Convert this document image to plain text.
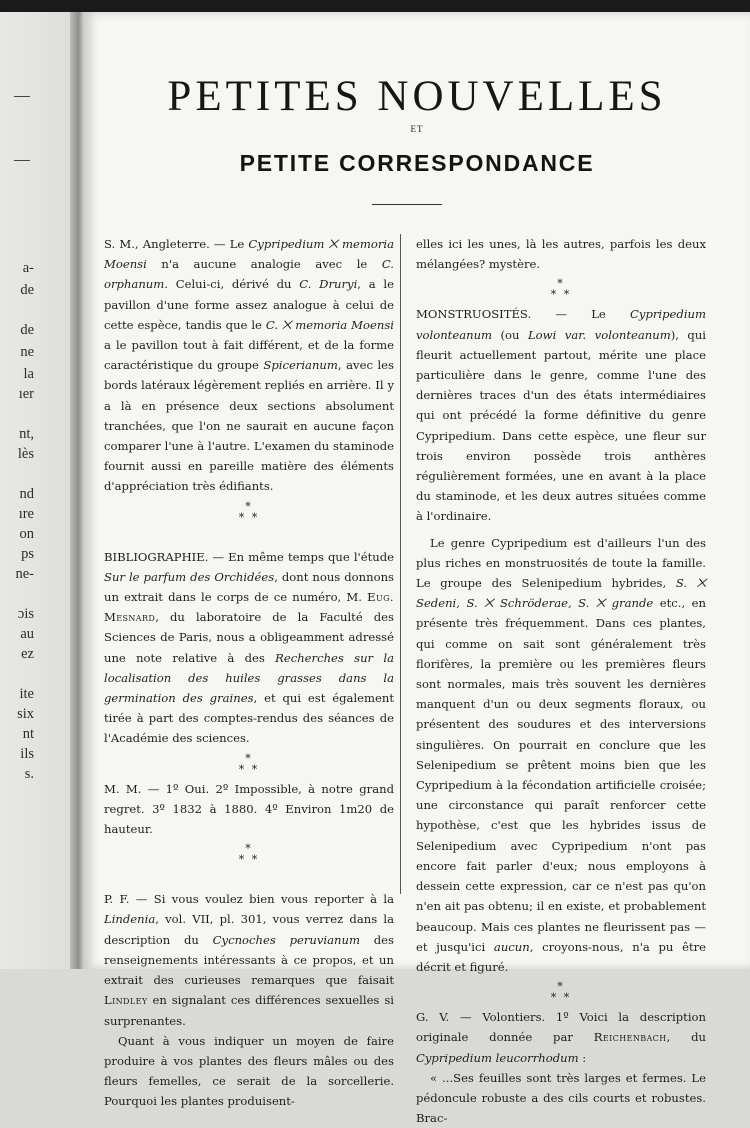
a-
de
de
ne
la
ıer
nt,
lès
nd
ıre
on
ps
ne-
ɔis
au
ez
ite
six
nt
ils
s.
PETITES NOUVELLES
ET
PETITE CORRESPONDANCE

S. M., Angleterre. — Le Cypripedium ⨉ memoria Moensi n'a aucune analogie avec le C. orphanum. Celui-ci, dérivé du C. Druryi, a le pavillon d'une forme assez analogue à celui de cette espèce, tandis que le C. ⨉ memoria Moensi a le pavillon tout à fait différent, et de la forme caractéristique du groupe Spicerianum, avec les bords latéraux légèrement repliés en arrière. Il y a là en présence deux sections absolument tranchées, que l'on ne saurait en aucune façon comparer l'une à l'autre. L'examen du staminode fournit aussi en pareille matière des éléments d'appréciation très édifiants.

*
* *

BIBLIOGRAPHIE. — En même temps que l'étude Sur le parfum des Orchidées, dont nous donnons un extrait dans le corps de ce numéro, M. Eug. Mesnard, du laboratoire de la Faculté des Sciences de Paris, nous a obligeamment adressé une note relative à des Recherches sur la localisation des huiles grasses dans la germination des graines, et qui est également tirée à part des comptes-rendus des séances de l'Académie des sciences.

*
* *

M. M. — 1º Oui. 2º Impossible, à notre grand regret. 3º 1832 à 1880. 4º Environ 1m20 de hauteur.

*
* *

P. F. — Si vous voulez bien vous reporter à la Lindenia, vol. VII, pl. 301, vous verrez dans la description du Cycnoches peruvianum des renseignements intéressants à ce propos, et un extrait des curieuses remarques que faisait Lindley en signalant ces différences sexuelles si surprenantes.

Quant à vous indiquer un moyen de faire produire à vos plantes des fleurs mâles ou des fleurs femelles, ce serait de la sorcellerie. Pourquoi les plantes produisent-

elles ici les unes, là les autres, parfois les deux mélangées? mystère.

*
* *

MONSTRUOSITÉS. — Le Cypripedium volonteanum (ou Lowi var. volonteanum), qui fleurit actuellement partout, mérite une place particulière dans le genre, comme l'une des dernières traces d'un des états intermédiaires qui ont précédé la forme définitive du genre Cypripedium. Dans cette espèce, une fleur sur trois environ possède trois anthères régulièrement formées, une en avant à la place du staminode, et les deux autres situées comme à l'ordinaire.

Le genre Cypripedium est d'ailleurs l'un des plus riches en monstruosités de toute la famille. Le groupe des Selenipedium hybrides, S. ⨉ Sedeni, S. ⨉ Schröderae, S. ⨉ grande etc., en présente très fréquemment. Dans ces plantes, qui comme on sait sont généralement très florifères, la première ou les premières fleurs sont normales, mais très souvent les dernières manquent d'un ou deux segments floraux, ou présentent des soudures et des interversions singulières. On pourrait en conclure que les Selenipedium se prêtent moins bien que les Cypripedium à la fécondation artificielle croisée; une circonstance qui paraît renforcer cette hypothèse, c'est que les hybrides issus de Selenipedium avec Cypripedium n'ont pas encore fait parler d'eux; nous employons à dessein cette expression, car ce n'est pas qu'on n'en ait pas obtenu; il en existe, et probablement beaucoup. Mais ces plantes ne fleurissent pas — et jusqu'ici aucun, croyons-nous, n'a pu être décrit et figuré.

*
* *

G. V. — Volontiers. 1º Voici la description originale donnée par Reichenbach, du Cypripedium leucorrhodum :

« ...Ses feuilles sont très larges et fermes. Le pédoncule robuste a des cils courts et robustes. Brac-
